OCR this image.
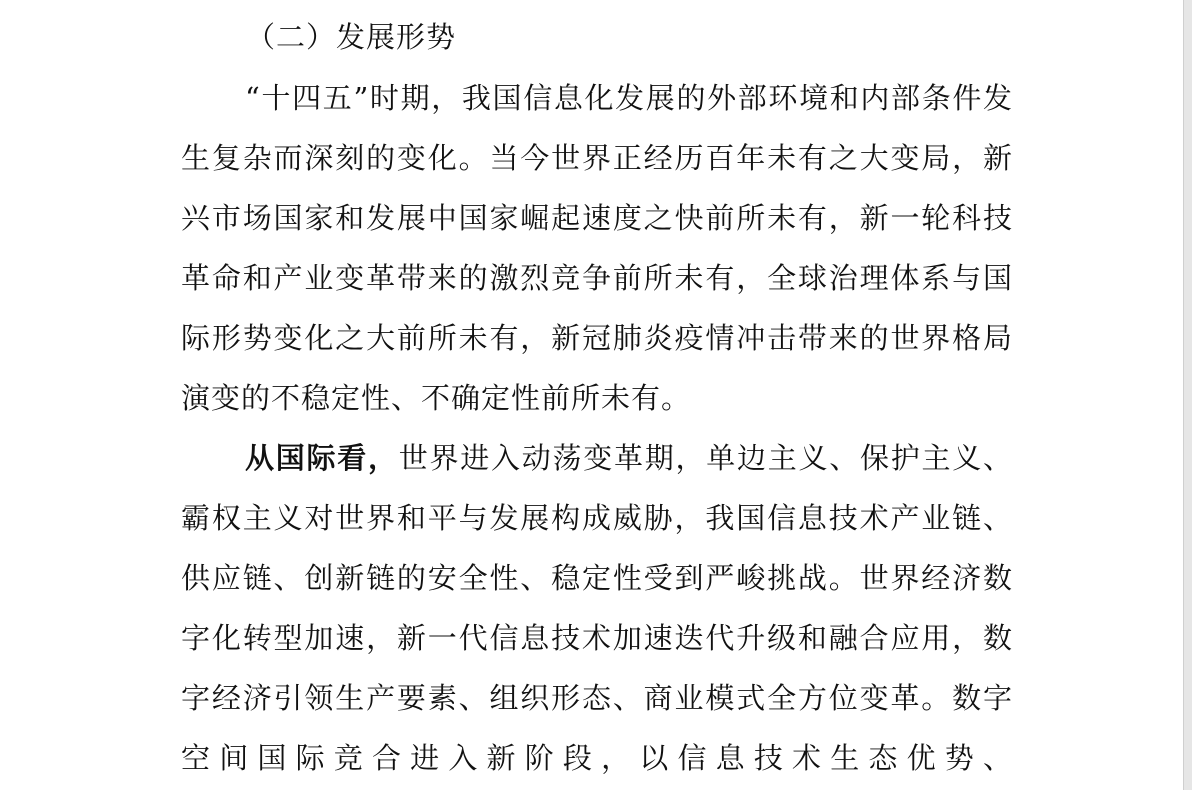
（二）发展形势

“十四五”时期，我国信息化发展的外部环境和内部条件发生复杂而深刻的变化。当今世界正经历百年未有之大变局，新兴市场国家和发展中国家崛起速度之快前所未有，新一轮科技革命和产业变革带来的激烈竞争前所未有，全球治理体系与国际形势变化之大前所未有，新冠肺炎疫情冲击带来的世界格局演变的不稳定性、不确定性前所未有。

从国际看，世界进入动荡变革期，单边主义、保护主义、霸权主义对世界和平与发展构成威胁，我国信息技术产业链、供应链、创新链的安全性、稳定性受到严峻挑战。世界经济数字化转型加速，新一代信息技术加速迭代升级和融合应用，数字经济引领生产要素、组织形态、商业模式全方位变革。数字空间国际竞合进入新阶段，以信息技术生态优势、
